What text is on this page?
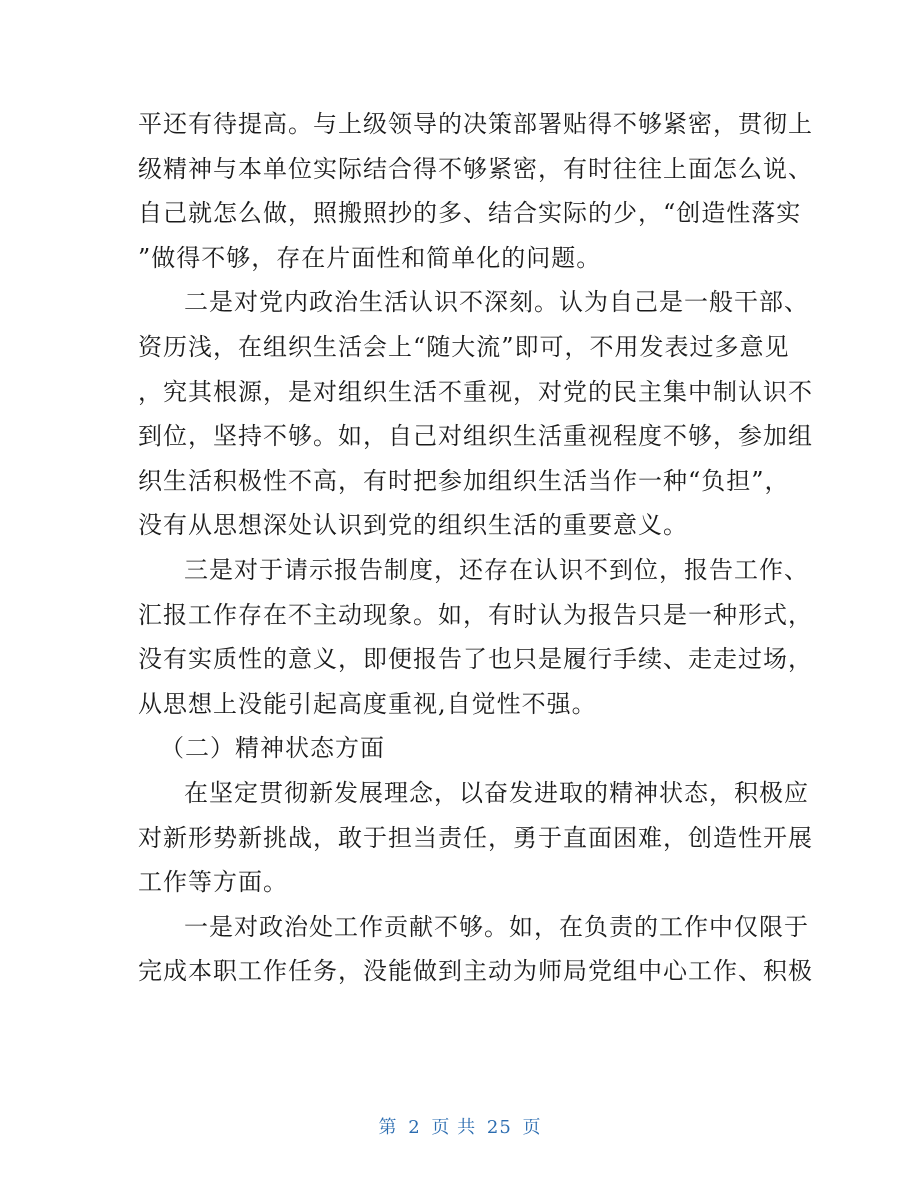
平还有待提高。与上级领导的决策部署贴得不够紧密，贯彻上
级精神与本单位实际结合得不够紧密，有时往往上面怎么说、
自己就怎么做，照搬照抄的多、结合实际的少，“创造性落实
”做得不够，存在片面性和简单化的问题。
二是对党内政治生活认识不深刻。认为自己是一般干部、
资历浅，在组织生活会上“随大流”即可，不用发表过多意见
，究其根源，是对组织生活不重视，对党的民主集中制认识不
到位，坚持不够。如，自己对组织生活重视程度不够，参加组
织生活积极性不高，有时把参加组织生活当作一种“负担”，
没有从思想深处认识到党的组织生活的重要意义。
三是对于请示报告制度，还存在认识不到位，报告工作、
汇报工作存在不主动现象。如，有时认为报告只是一种形式，
没有实质性的意义，即便报告了也只是履行手续、走走过场，
从思想上没能引起高度重视,自觉性不强。
（二）精神状态方面
在坚定贯彻新发展理念，以奋发进取的精神状态，积极应
对新形势新挑战，敢于担当责任，勇于直面困难，创造性开展
工作等方面。
一是对政治处工作贡献不够。如，在负责的工作中仅限于
完成本职工作任务，没能做到主动为师局党组中心工作、积极
第 2 页 共 25 页
